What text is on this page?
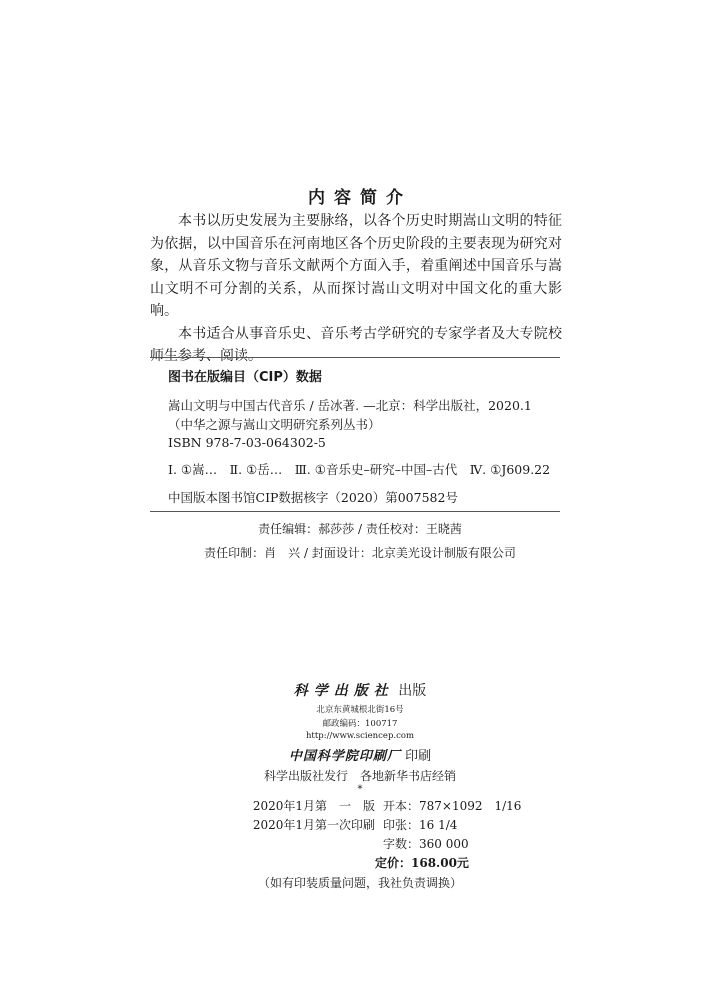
内容简介

本书以历史发展为主要脉络，以各个历史时期嵩山文明的特征为依据，以中国音乐在河南地区各个历史阶段的主要表现为研究对象，从音乐文物与音乐文献两个方面入手，着重阐述中国音乐与嵩山文明不可分割的关系，从而探讨嵩山文明对中国文化的重大影响。

本书适合从事音乐史、音乐考古学研究的专家学者及大专院校师生参考、阅读。

图书在版编目（CIP）数据
嵩山文明与中国古代音乐 / 岳冰著. —北京：科学出版社，2020.1
（中华之源与嵩山文明研究系列丛书）
ISBN 978-7-03-064302-5
Ⅰ. ①嵩…　Ⅱ. ①岳…　Ⅲ. ①音乐史–研究–中国–古代　Ⅳ. ①J609.22
中国版本图书馆CIP数据核字（2020）第007582号
责任编辑：郝莎莎 / 责任校对：王晓茜
责任印制：肖　兴 / 封面设计：北京美光设计制版有限公司
科学出版社 出版
北京东黄城根北街16号
邮政编码：100717
http://www.sciencep.com
中国科学院印刷厂 印刷
科学出版社发行　各地新华书店经销
*
2020年1月第　一　版 开本：787×1092　1/16
2020年1月第一次印刷 印张：16 1/4
字数：360 000
定价：168.00元
（如有印装质量问题，我社负责调换）
